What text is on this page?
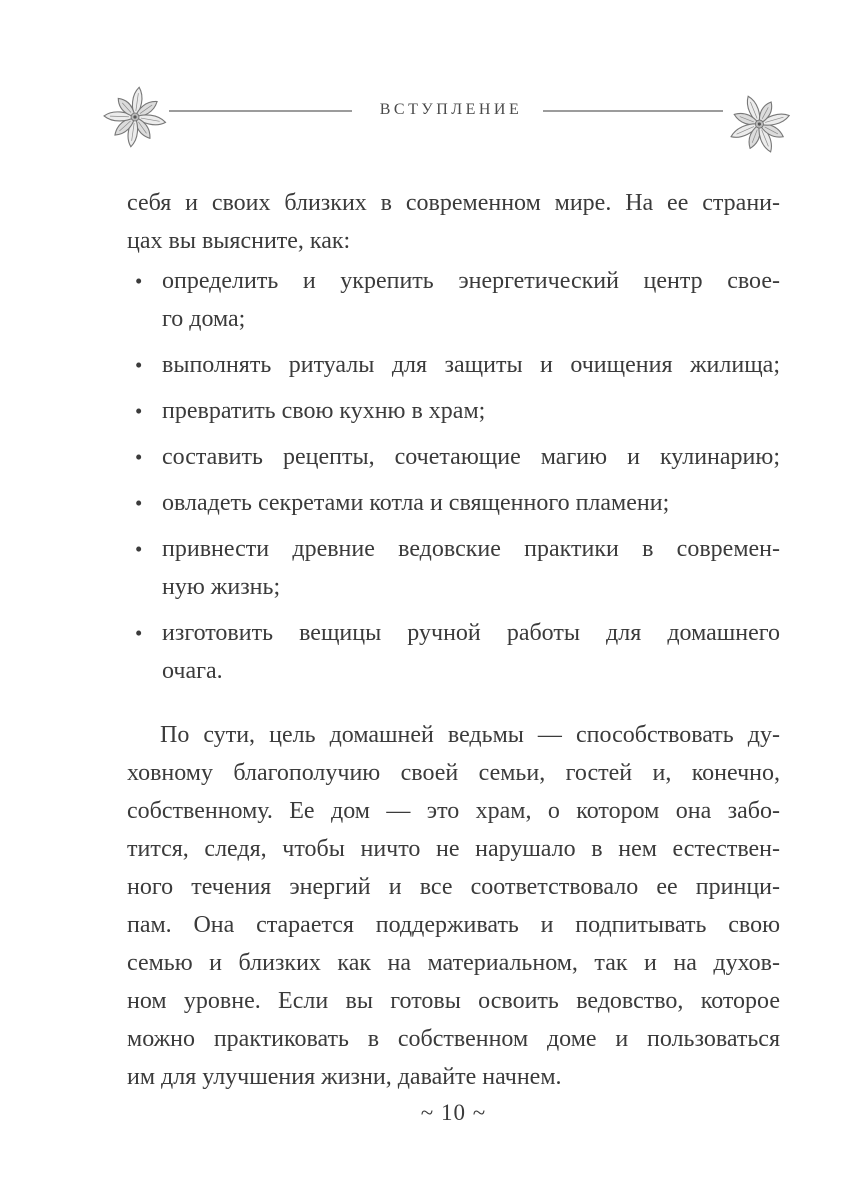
ВСТУПЛЕНИЕ
себя и своих близких в современном мире. На ее страни-
цах вы выясните, как:
• определить и укрепить энергетический центр свое-
го дома;
• выполнять ритуалы для защиты и очищения жилища;
• превратить свою кухню в храм;
• составить рецепты, сочетающие магию и кулинарию;
• овладеть секретами котла и священного пламени;
• привнести древние ведовские практики в современ-
ную жизнь;
• изготовить вещицы ручной работы для домашнего
очага.
По сути, цель домашней ведьмы — способствовать ду-
ховному благополучию своей семьи, гостей и, конечно,
собственному. Ее дом — это храм, о котором она забо-
тится, следя, чтобы ничто не нарушало в нем естествен-
ного течения энергий и все соответствовало ее принци-
пам. Она старается поддерживать и подпитывать свою
семью и близких как на материальном, так и на духов-
ном уровне. Если вы готовы освоить ведовство, которое
можно практиковать в собственном доме и пользоваться
им для улучшения жизни, давайте начнем.
~ 10 ~
